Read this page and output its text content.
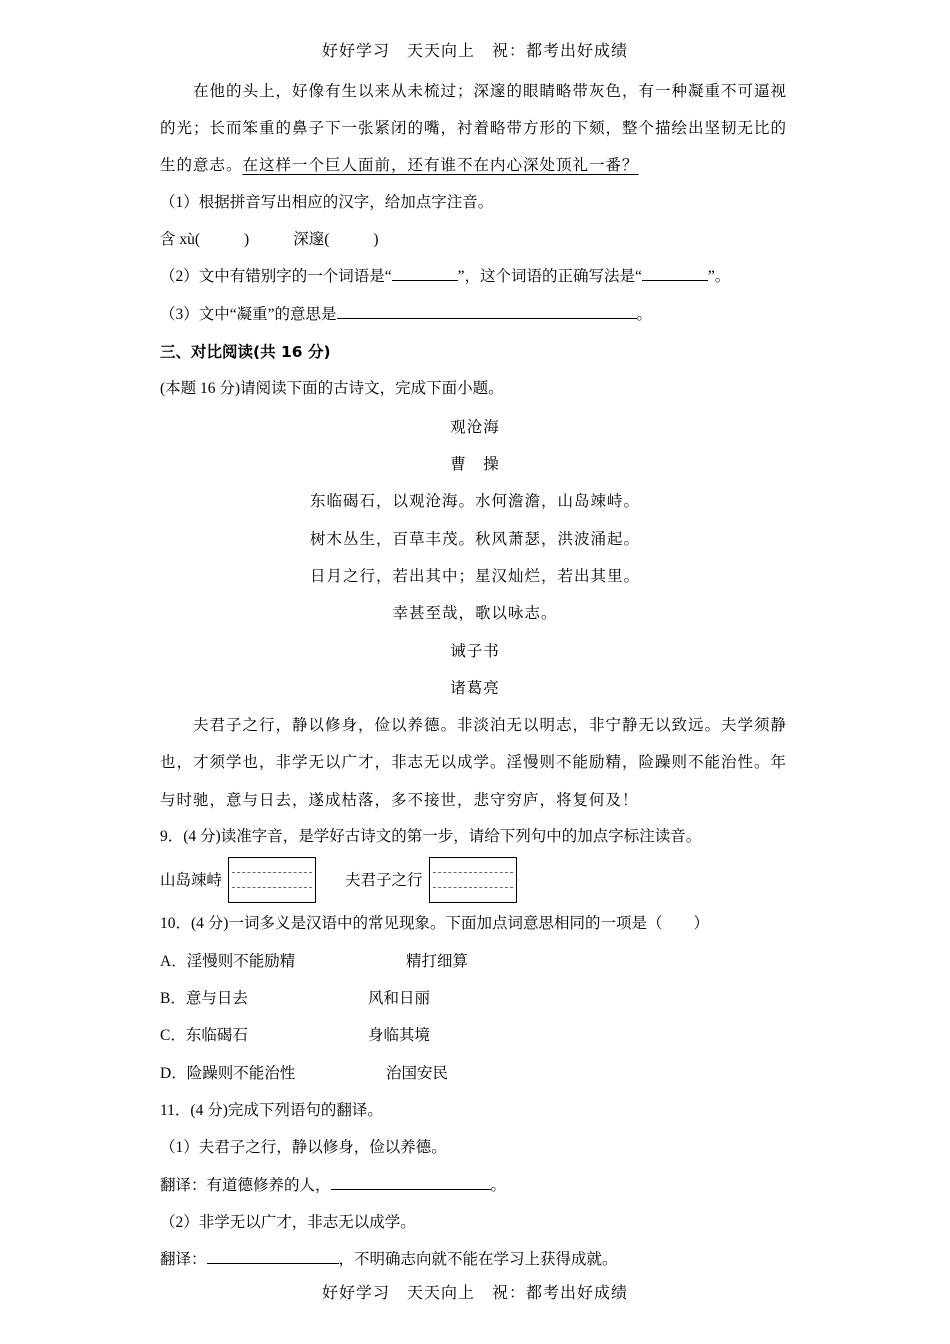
好好学习　天天向上　祝：都考出好成绩
在他的头上，好像有生以来从未梳过；深邃的眼睛略带灰色，有一种凝重不可逼视
的光；长而笨重的鼻子下一张紧闭的嘴，衬着略带方形的下颏，整个描绘出坚韧无比的
生的意志。在这样一个巨人面前，还有谁不在内心深处顶礼一番？
（1）根据拼音写出相应的汉字，给加点字注音。
含 xù(	)	深邃(	)
（2）文中有错别字的一个词语是“	”，这个词语的正确写法是“	”。
（3）文中“凝重”的意思是	。
三、对比阅读(共 16 分)
(本题 16 分)请阅读下面的古诗文，完成下面小题。
观沧海
曹　操
东临碣石，以观沧海。水何澹澹，山岛竦峙。
树木丛生，百草丰茂。秋风萧瑟，洪波涌起。
日月之行，若出其中；星汉灿烂，若出其里。
幸甚至哉，歌以咏志。
诫子书
诸葛亮
夫君子之行，静以修身，俭以养德。非淡泊无以明志，非宁静无以致远。夫学须静
也，才须学也，非学无以广才，非志无以成学。淫慢则不能励精，险躁则不能治性。年
与时驰，意与日去，遂成枯落，多不接世，悲守穷庐，将复何及！
9．(4 分)读准字音，是学好古诗文的第一步，请给下列句中的加点字标注读音。
山岛竦峙	夫君子之行
10．(4 分)一词多义是汉语中的常见现象。下面加点词意思相同的一项是（　　）
A．淫慢则不能励精	精打细算
B．意与日去	风和日丽
C．东临碣石	身临其境
D．险躁则不能治性	治国安民
11．(4 分)完成下列语句的翻译。
（1）夫君子之行，静以修身，俭以养德。
翻译：有道德修养的人，	。
（2）非学无以广才，非志无以成学。
翻译：	，不明确志向就不能在学习上获得成就。
好好学习　天天向上　祝：都考出好成绩
